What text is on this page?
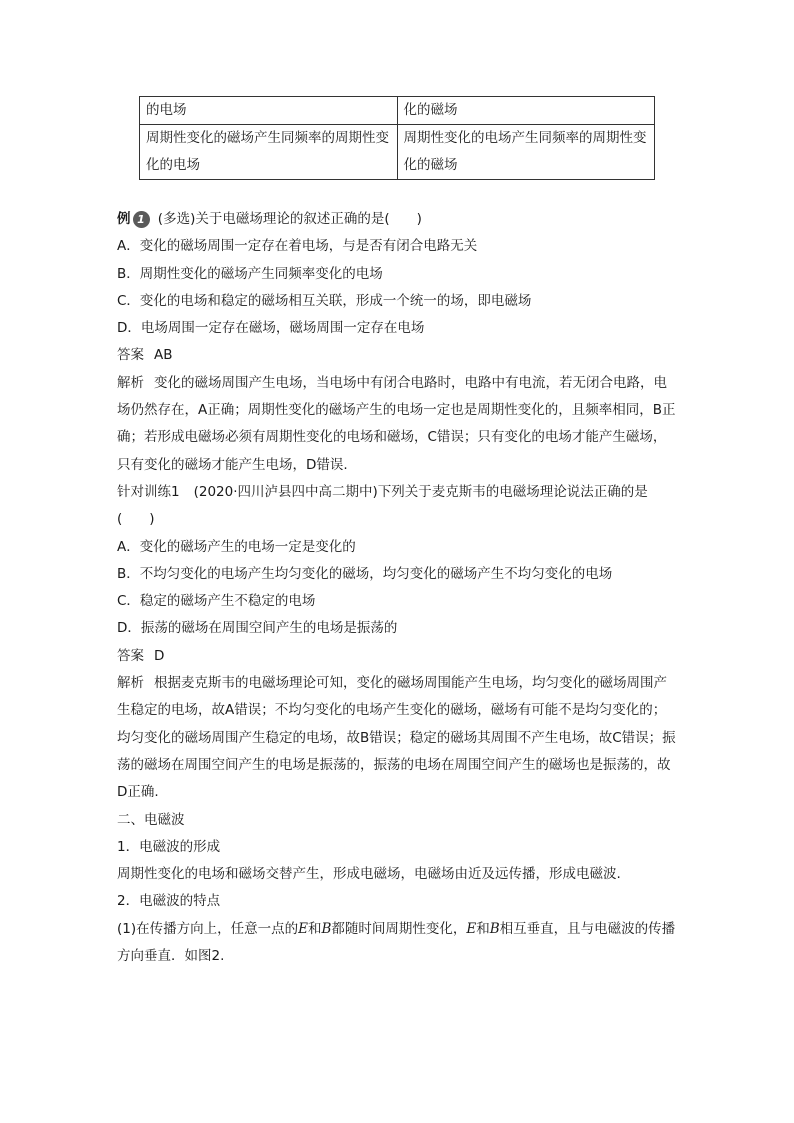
的电场	化的磁场
周期性变化的磁场产生同频率的周期性变化的电场	周期性变化的电场产生同频率的周期性变化的磁场

例 1 (多选)关于电磁场理论的叙述正确的是(　　)

A．变化的磁场周围一定存在着电场，与是否有闭合电路无关

B．周期性变化的磁场产生同频率变化的电场

C．变化的电场和稳定的磁场相互关联，形成一个统一的场，即电磁场

D．电场周围一定存在磁场，磁场周围一定存在电场

答案 AB

解析 变化的磁场周围产生电场，当电场中有闭合电路时，电路中有电流，若无闭合电路，电场仍然存在，A正确；周期性变化的磁场产生的电场一定也是周期性变化的，且频率相同，B正确；若形成电磁场必须有周期性变化的电场和磁场，C错误；只有变化的电场才能产生磁场，只有变化的磁场才能产生电场，D错误.

针对训练1 (2020·四川泸县四中高二期中)下列关于麦克斯韦的电磁场理论说法正确的是(　　)

A．变化的磁场产生的电场一定是变化的

B．不均匀变化的电场产生均匀变化的磁场，均匀变化的磁场产生不均匀变化的电场

C．稳定的磁场产生不稳定的电场

D．振荡的磁场在周围空间产生的电场是振荡的

答案 D

解析 根据麦克斯韦的电磁场理论可知，变化的磁场周围能产生电场，均匀变化的磁场周围产生稳定的电场，故A错误；不均匀变化的电场产生变化的磁场，磁场有可能不是均匀变化的；均匀变化的磁场周围产生稳定的电场，故B错误；稳定的磁场其周围不产生电场，故C错误；振荡的磁场在周围空间产生的电场是振荡的，振荡的电场在周围空间产生的磁场也是振荡的，故D正确.

二、电磁波

1．电磁波的形成

周期性变化的电场和磁场交替产生，形成电磁场，电磁场由近及远传播，形成电磁波.

2．电磁波的特点

(1)在传播方向上，任意一点的E和B都随时间周期性变化，E和B相互垂直，且与电磁波的传播方向垂直．如图2.
